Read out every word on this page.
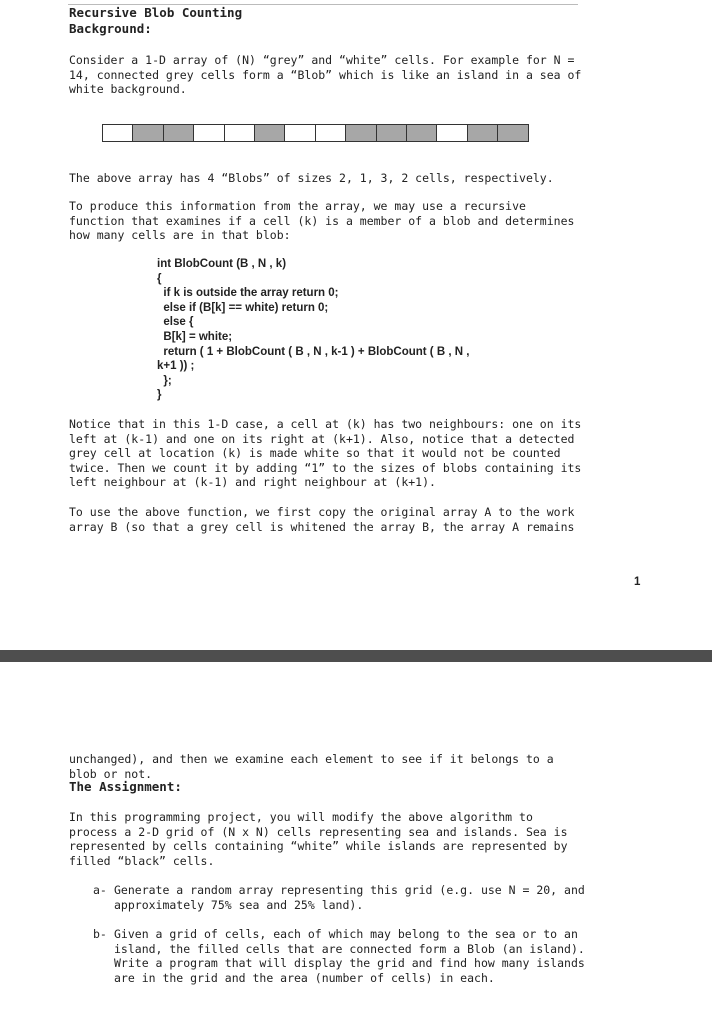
Recursive Blob Counting
Background:
Consider a 1-D array of (N) “grey” and “white” cells. For example for N =
14, connected grey cells form a “Blob” which is like an island in a sea of
white background.
The above array has 4 “Blobs” of sizes 2, 1, 3, 2 cells, respectively.
To produce this information from the array, we may use a recursive
function that examines if a cell (k) is a member of a blob and determines
how many cells are in that blob:
int BlobCount (B , N , k)
{
if k is outside the array return 0;
else if (B[k] == white) return 0;
else {
B[k] = white;
return ( 1 + BlobCount ( B , N , k-1 ) + BlobCount ( B , N ,
k+1 )) ;
};
}
Notice that in this 1-D case, a cell at (k) has two neighbours: one on its
left at (k-1) and one on its right at (k+1). Also, notice that a detected
grey cell at location (k) is made white so that it would not be counted
twice. Then we count it by adding “1” to the sizes of blobs containing its
left neighbour at (k-1) and right neighbour at (k+1).
To use the above function, we first copy the original array A to the work
array B (so that a grey cell is whitened the array B, the array A remains
1
unchanged), and then we examine each element to see if it belongs to a
blob or not.
The Assignment:
In this programming project, you will modify the above algorithm to
process a 2-D grid of (N x N) cells representing sea and islands. Sea is
represented by cells containing “white” while islands are represented by
filled “black” cells.
a- Generate a random array representing this grid (e.g. use N = 20, and
approximately 75% sea and 25% land).
b- Given a grid of cells, each of which may belong to the sea or to an
island, the filled cells that are connected form a Blob (an island).
Write a program that will display the grid and find how many islands
are in the grid and the area (number of cells) in each.
